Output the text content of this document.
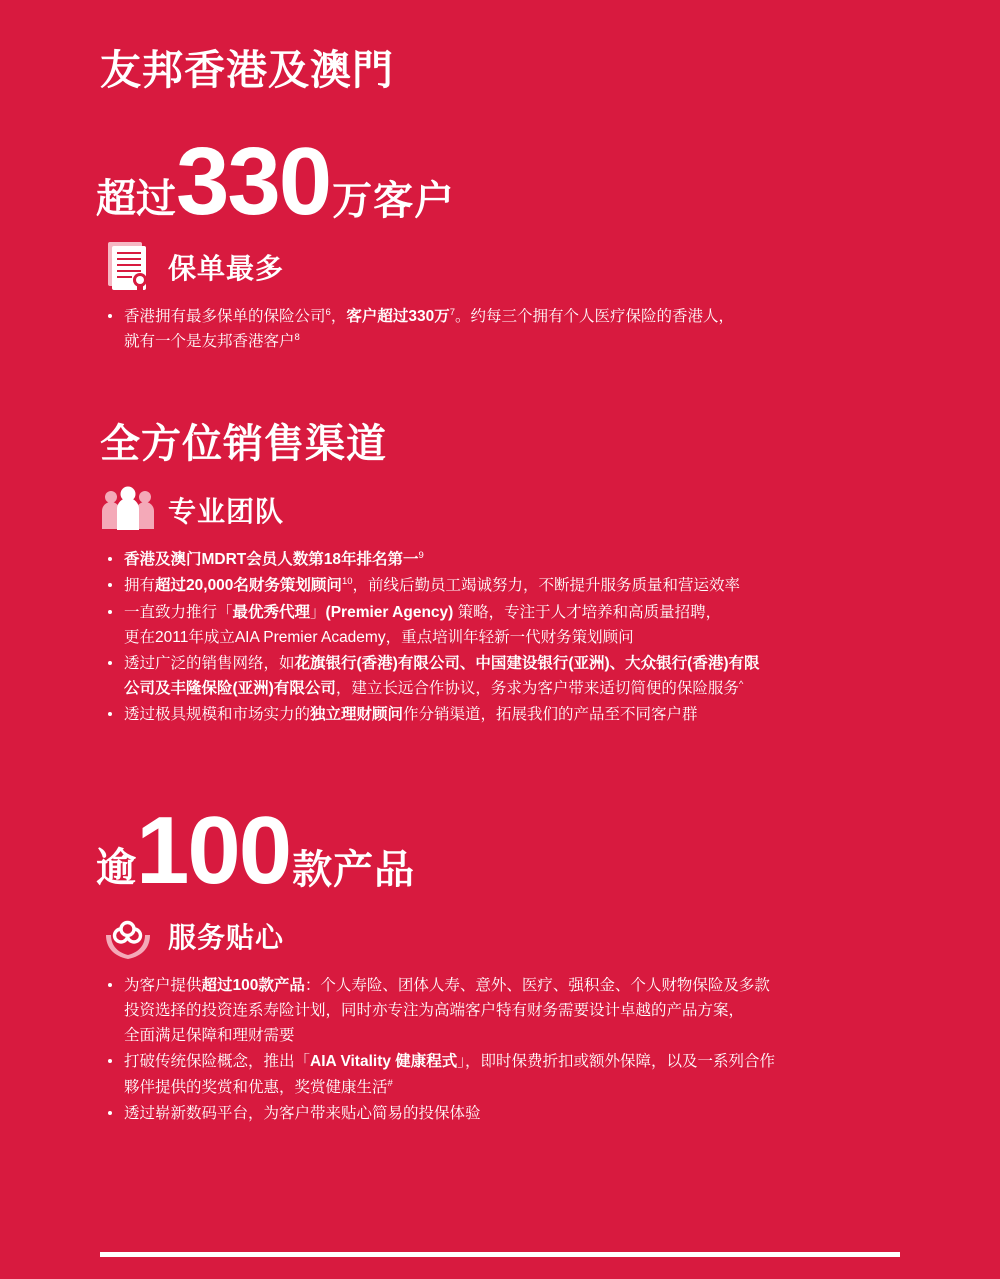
友邦香港及澳門
超过 330 万客户
保单最多
香港拥有最多保单的保险公司$^6$，客户超过330万$^7$。约每三个拥有个人医疗保险的香港人，
就有一个是友邦香港客户$^8$
全方位销售渠道
专业团队
香港及澳门MDRT会员人数第18年排名第一$^9$
拥有超过20,000名财务策划顾问$^{10}$，前线后勤员工竭诚努力，不断提升服务质量和营运效率
一直致力推行「最优秀代理」(Premier Agency) 策略，专注于人才培养和高质量招聘，
更在2011年成立AIA Premier Academy，重点培训年轻新一代财务策划顾问
透过广泛的销售网络，如花旗银行(香港)有限公司、中国建设银行(亚洲)、大众银行(香港)有限
公司及丰隆保险(亚洲)有限公司，建立长远合作协议，务求为客户带来适切简便的保险服务^
透过极具规模和市场实力的独立理财顾问作分销渠道，拓展我们的产品至不同客户群
逾 100 款产品
服务贴心
为客户提供超过100款产品：个人寿险、团体人寿、意外、医疗、强积金、个人财物保险及多款
投资选择的投资连系寿险计划，同时亦专注为高端客户特有财务需要设计卓越的产品方案，
全面满足保障和理财需要
打破传统保险概念，推出「AIA Vitality 健康程式」，即时保费折扣或额外保障，以及一系列合作
夥伴提供的奖赏和优惠，奖赏健康生活#
透过崭新数码平台，为客户带来贴心简易的投保体验
